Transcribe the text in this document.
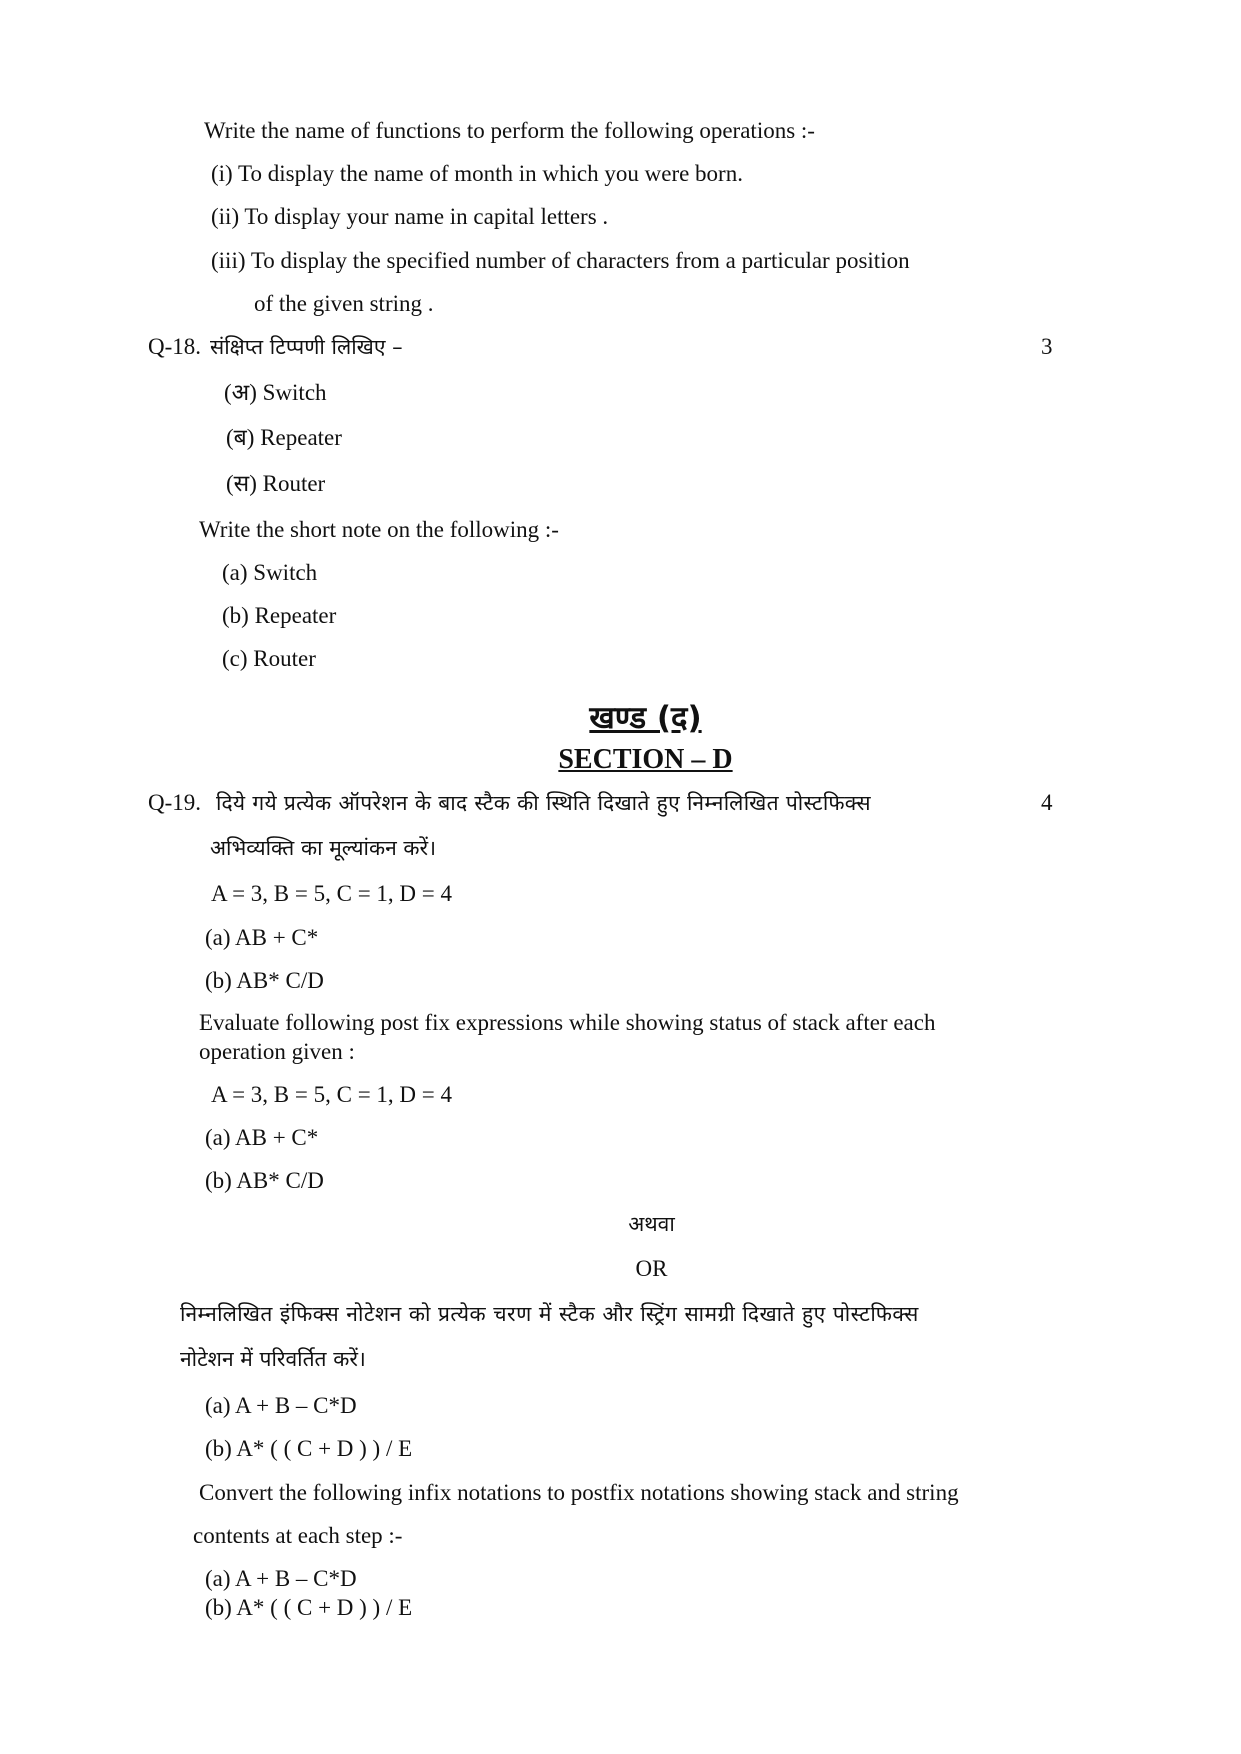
Write the name of functions to perform the following operations :-
(i) To display the name of month in which you were born.
(ii) To display your name in capital letters .
(iii) To display the specified number of characters from a particular position
of the given string .
Q-18. संक्षिप्त टिप्पणी लिखिए –	3
(अ) Switch
(ब) Repeater
(स) Router
Write the short note on the following :-
(a) Switch
(b) Repeater
(c) Router
खण्ड (द)
SECTION – D
Q-19. दिये गये प्रत्येक ऑपरेशन के बाद स्टैक की स्थिति दिखाते हुए निम्नलिखित पोस्टफिक्स	4
अभिव्यक्ति का मूल्यांकन करें।
A = 3, B = 5, C = 1, D = 4
(a) AB + C*
(b) AB* C/D
Evaluate following post fix expressions while showing status of stack after each
operation given :
A = 3, B = 5, C = 1, D = 4
(a) AB + C*
(b) AB* C/D
अथवा
OR
निम्नलिखित इंफिक्स नोटेशन को प्रत्येक चरण में स्टैक और स्ट्रिंग सामग्री दिखाते हुए पोस्टफिक्स
नोटेशन में परिवर्तित करें।
(a) A + B – C*D
(b) A* ( ( C + D ) ) / E
Convert the following infix notations to postfix notations showing stack and string
contents at each step :-
(a) A + B – C*D
(b) A* ( ( C + D ) ) / E
